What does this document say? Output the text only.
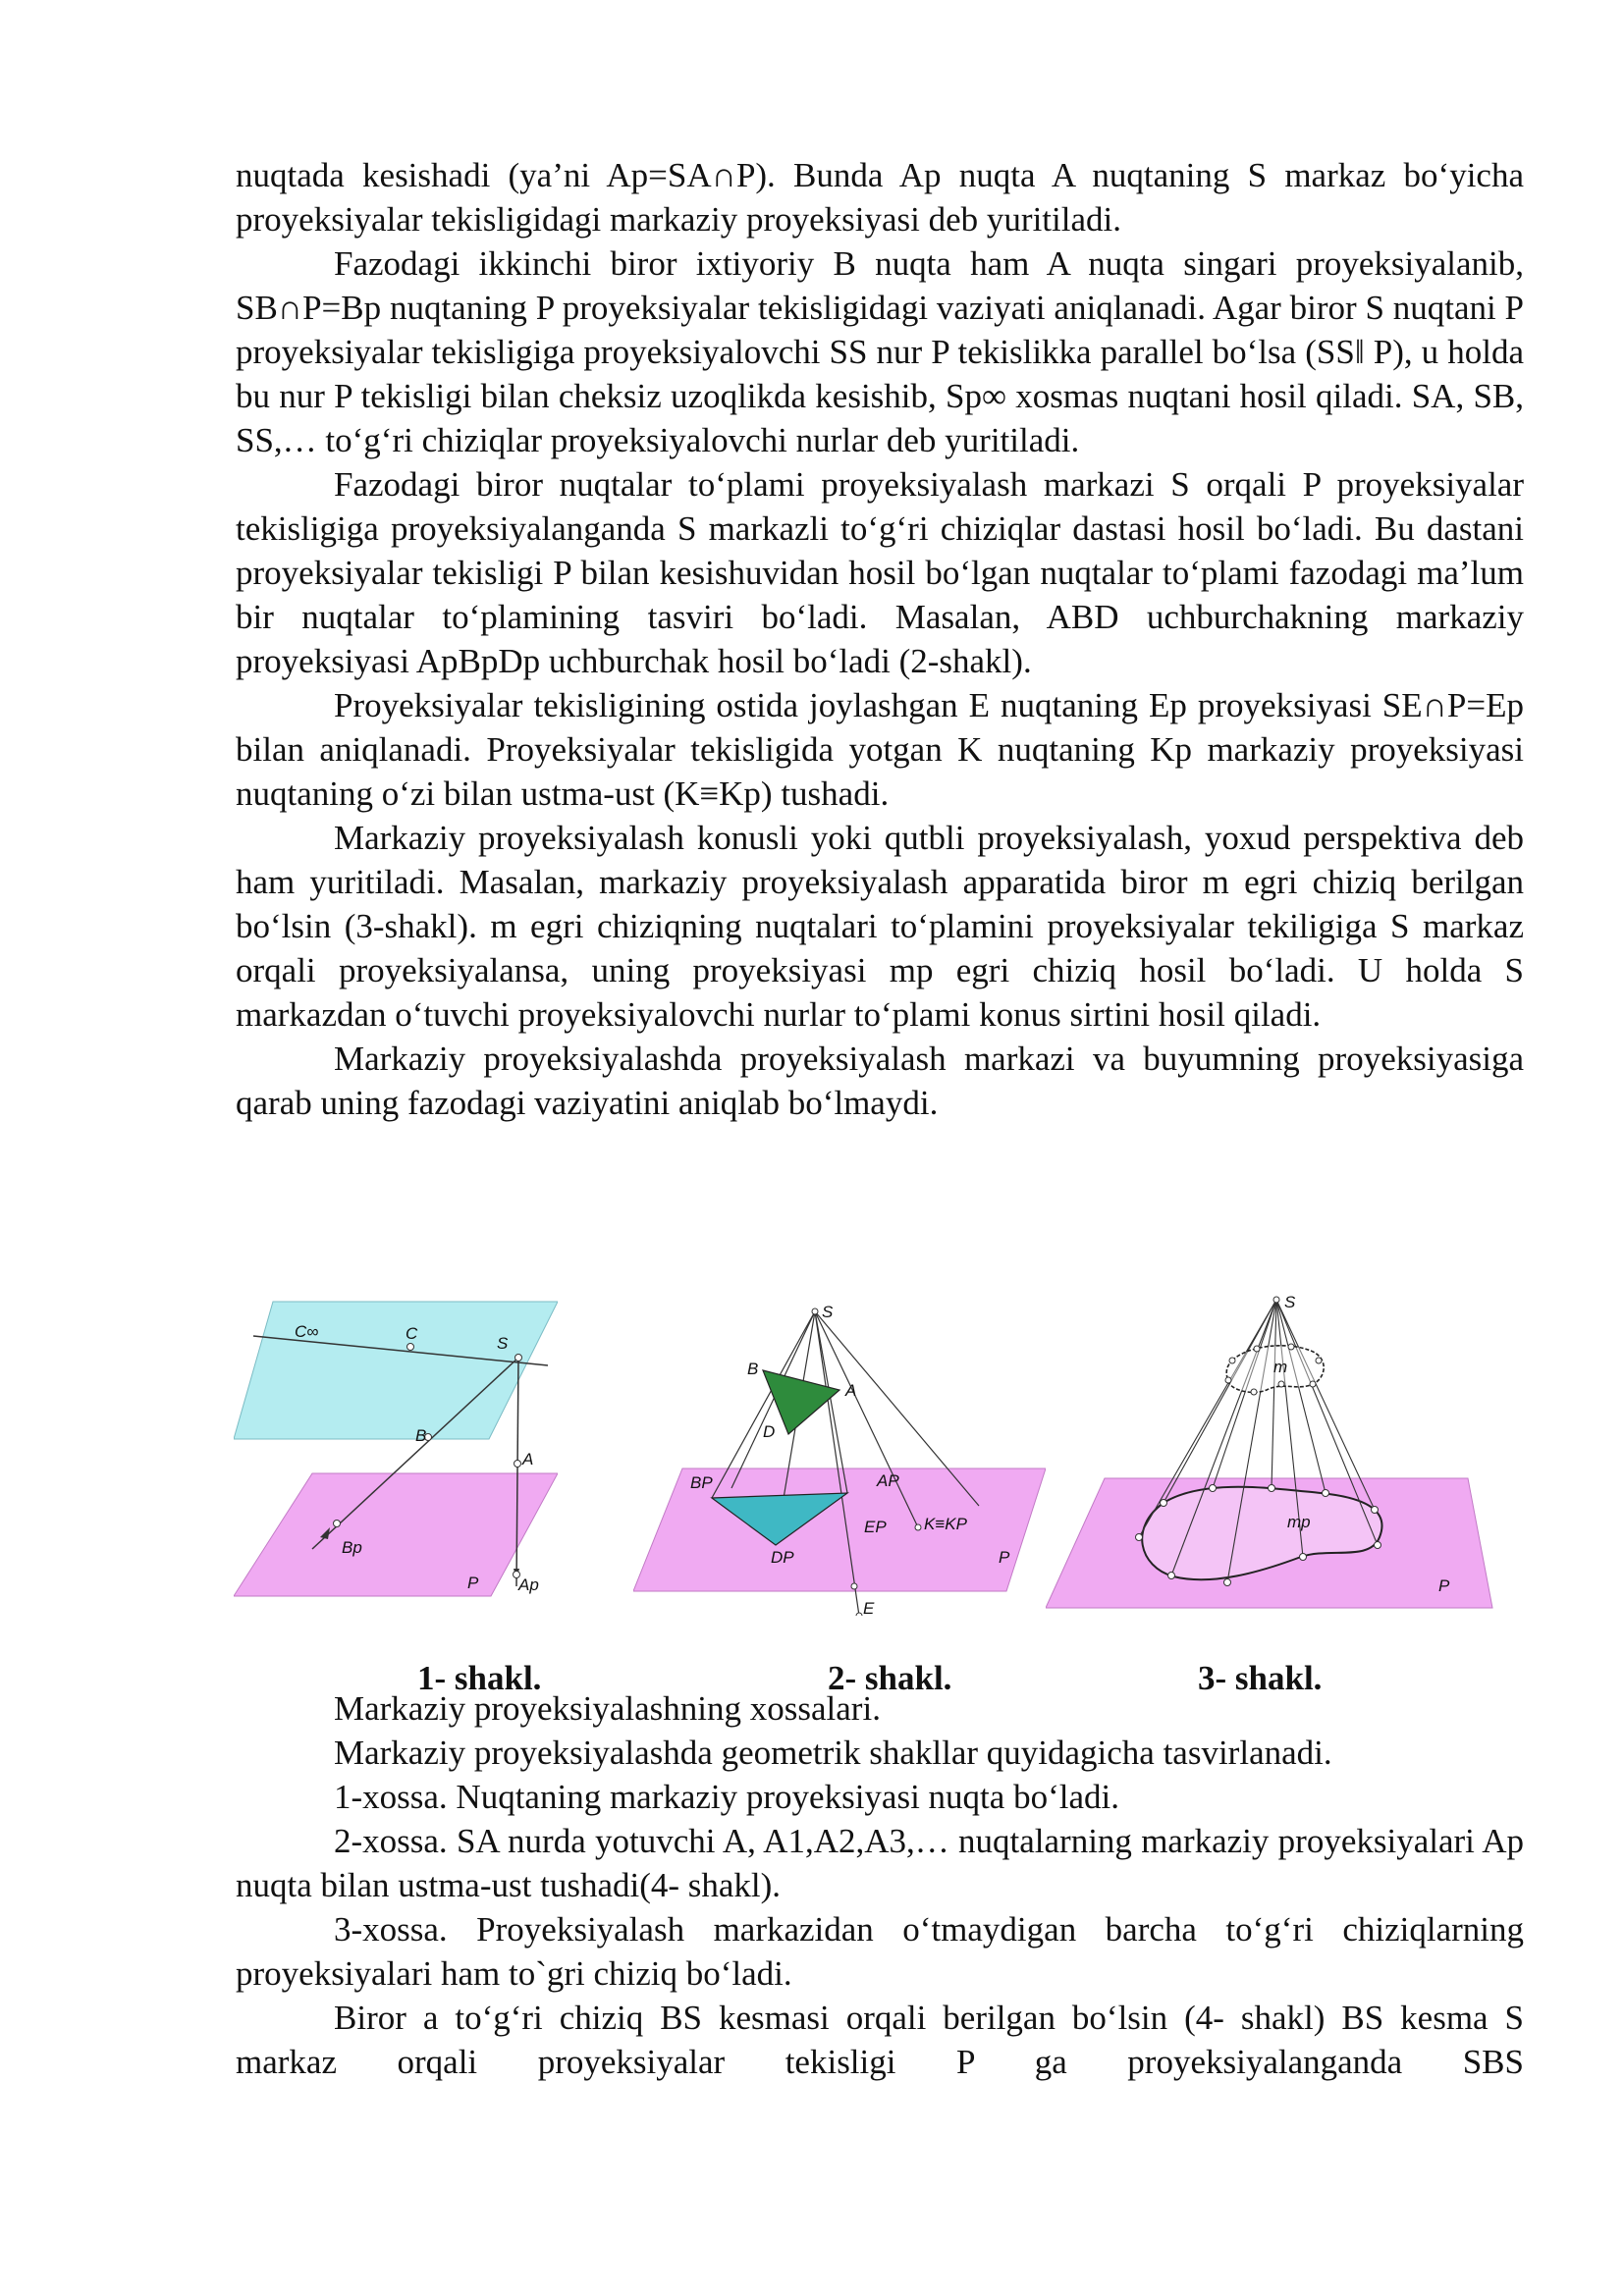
nuqtada kesishadi (ya’ni Ap=SA∩P). Bunda Ap nuqta A nuqtaning S markaz bo‘yicha proyeksiyalar tekisligidagi markaziy proyeksiyasi deb yuritiladi.

Fazodagi ikkinchi biror ixtiyoriy B nuqta ham A nuqta singari proyeksiyalanib, SB∩P=Bp nuqtaning P proyeksiyalar tekisligidagi vaziyati aniqlanadi. Agar biror S nuqtani P proyeksiyalar tekisligiga proyeksiyalovchi SS nur P tekislikka parallel bo‘lsa (SS‖ P), u holda bu nur P tekisligi bilan cheksiz uzoqlikda kesishib, Sp∞ xosmas nuqtani hosil qiladi. SA, SB, SS,… to‘g‘ri chiziqlar proyeksiyalovchi nurlar deb yuritiladi.

Fazodagi biror nuqtalar to‘plami proyeksiyalash markazi S orqali P proyeksiyalar tekisligiga proyeksiyalanganda S markazli to‘g‘ri chiziqlar dastasi hosil bo‘ladi. Bu dastani proyeksiyalar tekisligi P bilan kesishuvidan hosil bo‘lgan nuqtalar to‘plami fazodagi ma’lum bir nuqtalar to‘plamining tasviri bo‘ladi. Masalan, ABD uchburchakning markaziy proyeksiyasi ApBpDp uchburchak hosil bo‘ladi (2-shakl).

Proyeksiyalar tekisligining ostida joylashgan E nuqtaning Ep proyeksiyasi SE∩P=Ep bilan aniqlanadi. Proyeksiyalar tekisligida yotgan K nuqtaning Kp markaziy proyeksiyasi nuqtaning o‘zi bilan ustma-ust (K≡Kp) tushadi.

Markaziy proyeksiyalash konusli yoki qutbli proyeksiyalash, yoxud perspektiva deb ham yuritiladi. Masalan, markaziy proyeksiyalash apparatida biror m egri chiziq berilgan bo‘lsin (3-shakl). m egri chiziqning nuqtalari to‘plamini proyeksiyalar tekiligiga S markaz orqali proyeksiyalansa, uning proyeksiyasi mp egri chiziq hosil bo‘ladi. U holda S markazdan o‘tuvchi proyeksiyalovchi nurlar to‘plami konus sirtini hosil qiladi.

Markaziy proyeksiyalashda proyeksiyalash markazi va buyumning proyeksiyasiga qarab uning fazodagi vaziyatini aniqlab bo‘lmaydi.

C∞	C
S
B
A
Bp
Ap
P
S
B
A
D
BP	AP
EP
DP
K≡KP
P
E
S
m
mp
P
1- shakl.	2- shakl.	3- shakl.

Markaziy proyeksiyalashning xossalari.

Markaziy proyeksiyalashda geometrik shakllar quyidagicha tasvirlanadi.

1-xossa. Nuqtaning markaziy proyeksiyasi nuqta bo‘ladi.

2-xossa. SA nurda yotuvchi A, A1,A2,A3,… nuqtalarning markaziy proyeksiyalari Ap nuqta bilan ustma-ust tushadi(4- shakl).

3-xossa. Proyeksiyalash markazidan o‘tmaydigan barcha to‘g‘ri chiziqlarning proyeksiyalari ham to`gri chiziq bo‘ladi.

Biror a to‘g‘ri chiziq BS kesmasi orqali berilgan bo‘lsin (4- shakl) BS kesma S markaz orqali proyeksiyalar tekisligi P ga proyeksiyalanganda SBS
